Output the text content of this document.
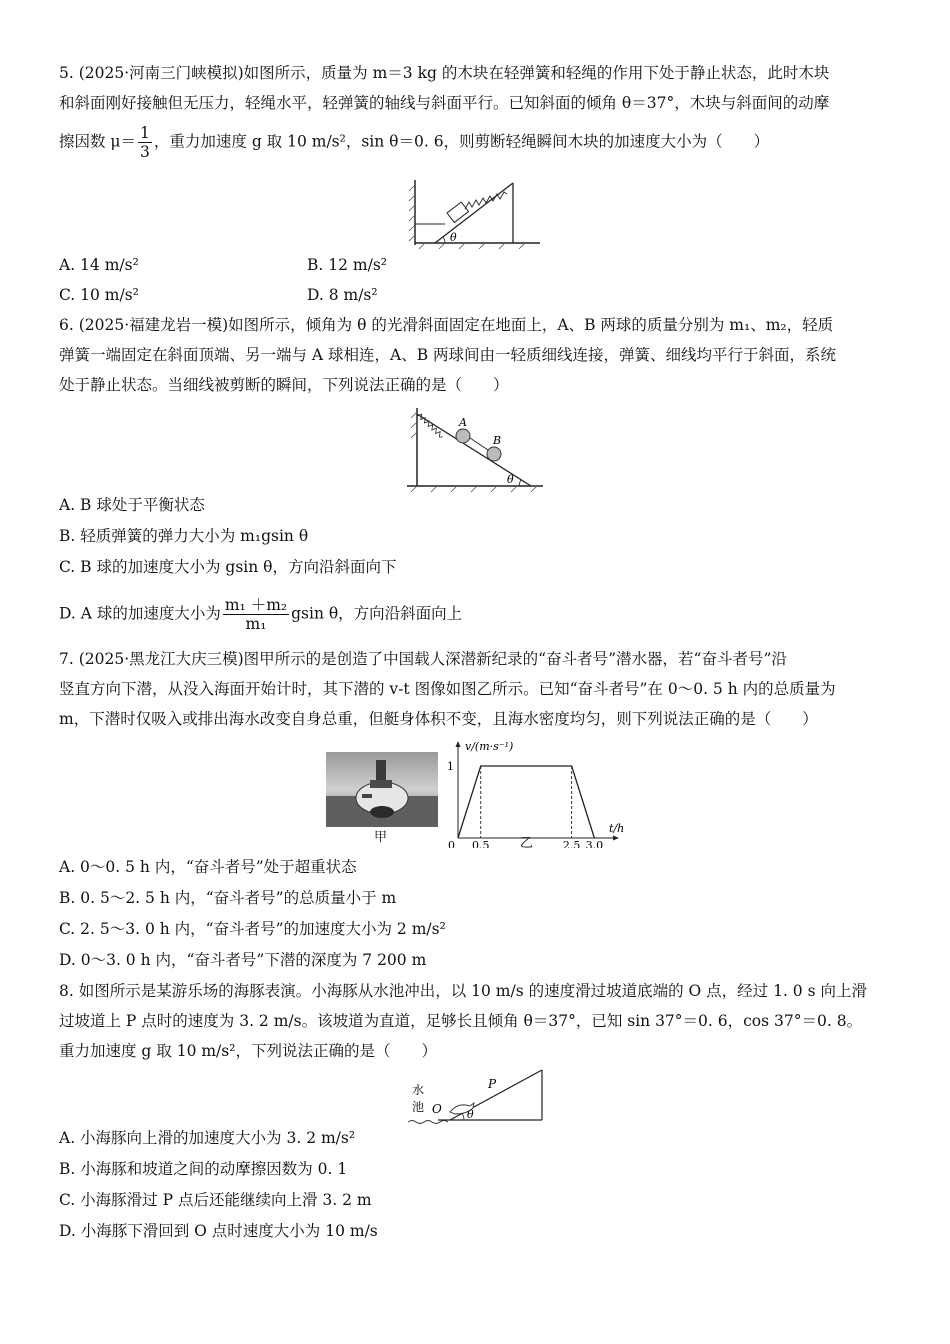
5. (2025·河南三门峡模拟)如图所示，质量为 m＝3 kg 的木块在轻弹簧和轻绳的作用下处于静止状态，此时木块
和斜面刚好接触但无压力，轻绳水平，轻弹簧的轴线与斜面平行。已知斜面的倾角 θ＝37°，木块与斜面间的动摩
擦因数 $\mu= \frac{1}{3}$ ，重力加速度 g 取 10 m/s²，sin θ＝0. 6，则剪断轻绳瞬间木块的加速度大小为（　　）
θ
A. 14 m/s²	B. 12 m/s²
C. 10 m/s²	D. 8 m/s²
6. (2025·福建龙岩一模)如图所示，倾角为 θ 的光滑斜面固定在地面上，A、B 两球的质量分别为 m₁、m₂，轻质
弹簧一端固定在斜面顶端、另一端与 A 球相连，A、B 两球间由一轻质细线连接，弹簧、细线均平行于斜面，系统
处于静止状态。当细线被剪断的瞬间，下列说法正确的是（　　）
A
B
θ
A. B 球处于平衡状态
B. 轻质弹簧的弹力大小为 m₁gsin θ
C. B 球的加速度大小为 gsin θ，方向沿斜面向下
D. A 球的加速度大小为 $\frac{\text{m₁ ＋m₂}}{\text{m₁}}$ gsin θ，方向沿斜面向上
7. (2025·黑龙江大庆三模)图甲所示的是创造了中国载人深潜新纪录的“奋斗者号”潜水器，若“奋斗者号”沿
竖直方向下潜，从没入海面开始计时，其下潜的 v-t 图像如图乙所示。已知“奋斗者号”在 0～0. 5 h 内的总质量为
m，下潜时仅吸入或排出海水改变自身总重，但艇身体积不变，且海水密度均匀，则下列说法正确的是（　　）
甲
v/(m·s⁻¹)
t/h
0 0.5	2.5 3.0
1
乙
A. 0～0. 5 h 内，“奋斗者号”处于超重状态
B. 0. 5～2. 5 h 内，“奋斗者号”的总质量小于 m
C. 2. 5～3. 0 h 内，“奋斗者号”的加速度大小为 2 m/s²
D. 0～3. 0 h 内，“奋斗者号”下潜的深度为 7 200 m
8. 如图所示是某游乐场的海豚表演。小海豚从水池冲出，以 10 m/s 的速度滑过坡道底端的 O 点，经过 1. 0 s 向上滑
过坡道上 P 点时的速度为 3. 2 m/s。该坡道为直道，足够长且倾角 θ＝37°，已知 sin 37°＝0. 6，cos 37°＝0. 8。
重力加速度 g 取 10 m/s²，下列说法正确的是（　　）
水
池 O
P
θ
A. 小海豚向上滑的加速度大小为 3. 2 m/s²
B. 小海豚和坡道之间的动摩擦因数为 0. 1
C. 小海豚滑过 P 点后还能继续向上滑 3. 2 m
D. 小海豚下滑回到 O 点时速度大小为 10 m/s
